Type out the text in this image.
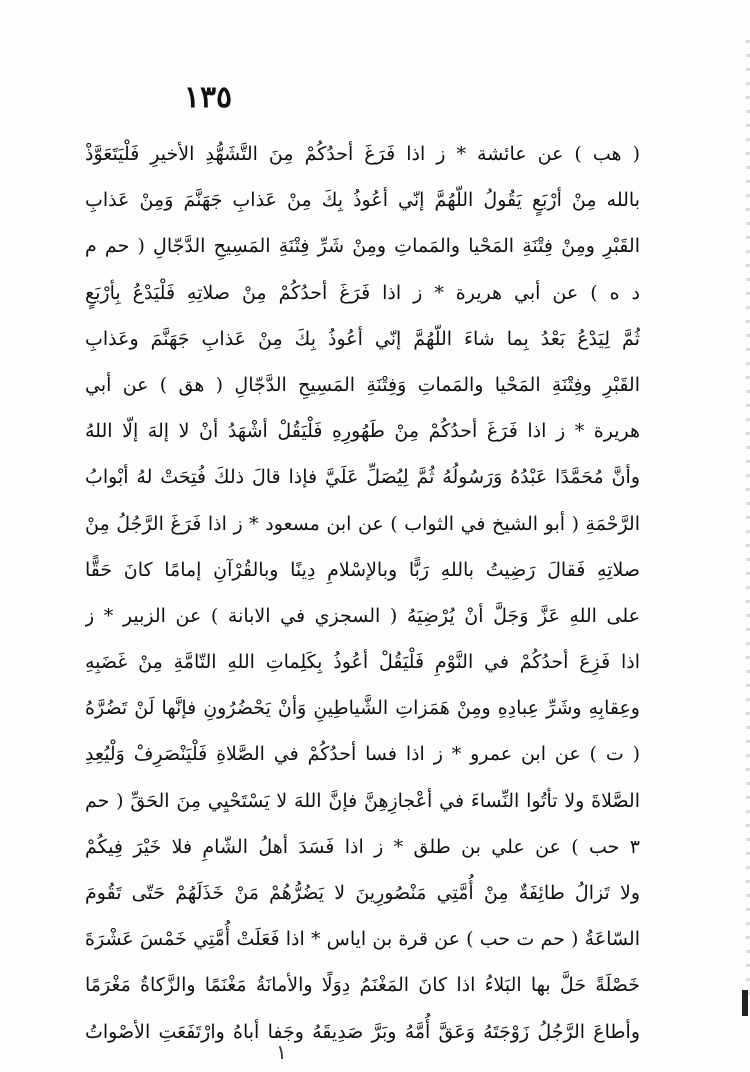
١٣٥
( هب ) عن عائشة * ز اذا فَرَغَ أحدُكُمْ مِنَ التَّشَهُّدِ الأخيرِ فَلْيَتَعَوَّذْ
بالله مِنْ أرْبَعٍ يَقُولُ اللّهُمَّ إنّي أعُوذُ بِكَ مِنْ عَذابِ جَهَنَّمَ وَمِنْ عَذابِ
القَبْرِ ومِنْ فِتْنَةِ المَحْيا والمَماتِ ومِنْ شَرِّ فِتْنَةِ المَسِيحِ الدَّجّالِ ( حم م
د ه ) عن أبي هريرة * ز اذا فَرَغَ أحدُكُمْ مِنْ صلاتِهِ فَلْيَدْعُ بِأرْبَعٍ
ثُمَّ لِيَدْعُ بَعْدُ بِما شاءَ اللّهُمَّ إنّي أعُوذُ بِكَ مِنْ عَذابِ جَهَنَّمَ وعَذابِ
القَبْرِ وفِتْنَةِ المَحْيا والمَماتِ وَفِتْنَةِ المَسِيحِ الدَّجّالِ ( هق ) عن أبي
هريرة * ز اذا فَرَغَ أحدُكُمْ مِنْ طَهُورِهِ فَلْيَقُلْ أشْهَدُ أنْ لا إلهَ إلّا اللهُ
وأنَّ مُحَمَّدًا عَبْدُهُ وَرَسُولُهُ ثُمَّ لِيُصَلِّ عَلَيَّ فإذا قالَ ذلكَ فُتِحَتْ لهُ أبْوابُ
الرَّحْمَةِ ( أبو الشيخ في الثواب ) عن ابن مسعود * ز اذا فَرَغَ الرَّجُلُ مِنْ
صلاتِهِ فَقالَ رَضِيتُ باللهِ رَبًّا وبالإسْلامِ دِينًا وبالقُرْآنِ إمامًا كانَ حَقًّا
على اللهِ عَزَّ وَجَلَّ أنْ يُرْضِيَهُ ( السجزي في الابانة ) عن الزبير * ز
اذا فَزِعَ أحدُكُمْ في النَّوْمِ فَلْيَقُلْ أعُوذُ بِكَلِماتِ اللهِ التّامَّةِ مِنْ غَضَبِهِ
وعِقابِهِ وشَرِّ عِبادِهِ ومِنْ هَمَزاتِ الشَّياطِينِ وَأنْ يَحْضُرُونِ فإنَّها لَنْ تَضُرَّهُ
( ت ) عن ابن عمرو * ز اذا فسا أحدُكُمْ في الصَّلاةِ فَلْيَنْصَرِفْ وَلْيُعِدِ
الصَّلاةَ ولا تأتُوا النِّساءَ في أعْجازِهِنَّ فإنَّ اللهَ لا يَسْتَحْيِي مِنَ الحَقِّ ( حم
٣ حب ) عن علي بن طلق * ز اذا فَسَدَ أهلُ الشّامِ فلا خَيْرَ فِيكُمْ
ولا تَزالُ طائِفَةٌ مِنْ أُمَّتِي مَنْصُورِينَ لا يَضُرُّهُمْ مَنْ خَذَلَهُمْ حَتّى تَقُومَ
السّاعَةُ ( حم ت حب ) عن قرة بن اياس * اذا فَعَلَتْ أُمَّتِي خَمْسَ عَشْرَةَ
خَصْلَةً حَلَّ بها البَلاءُ اذا كانَ المَغْنَمُ دِوَلًا والأمانَةُ مَغْنَمًا والزَّكاةُ مَغْرَمًا
وأطاعَ الرَّجُلُ زَوْجَتَهُ وَعَقَّ أُمَّهُ وبَرَّ صَدِيقَهُ وجَفا أباهُ وارْتَفَعَتِ الأصْواتُ
١
